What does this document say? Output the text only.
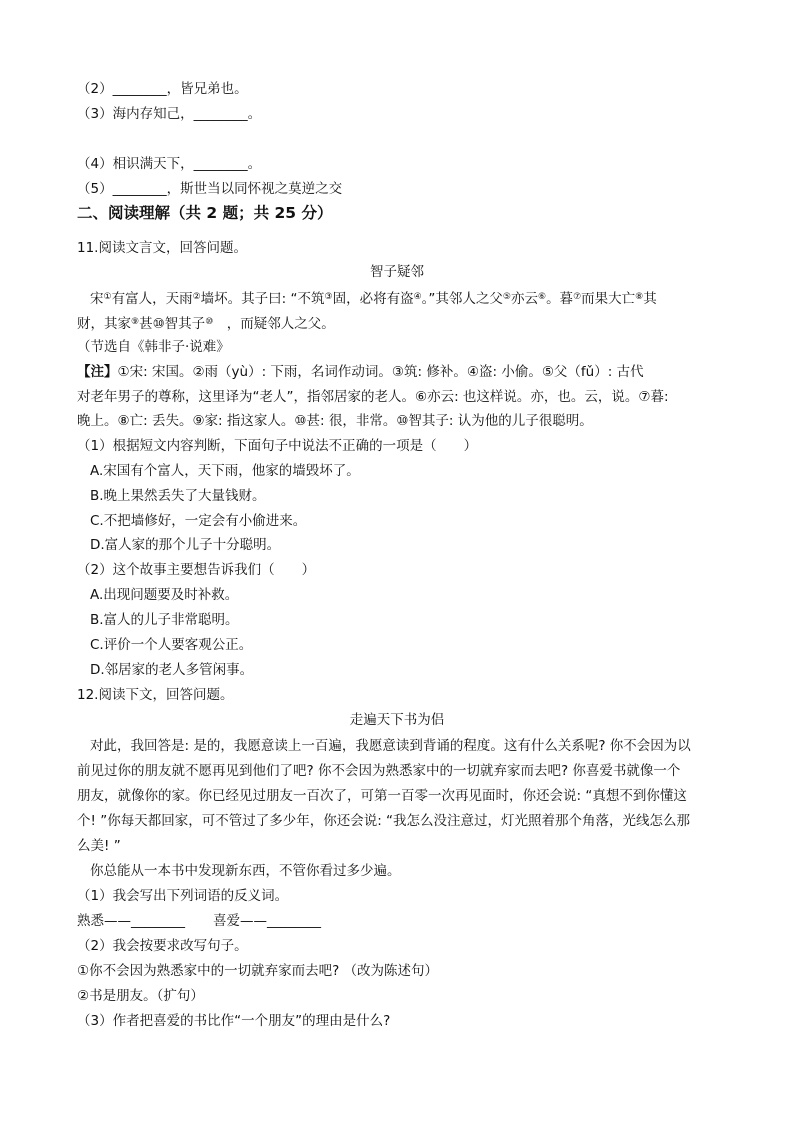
（2）________，皆兄弟也。
（3）海内存知己，________。
（4）相识满天下，________。
（5）________，斯世当以同怀视之莫逆之交
二、阅读理解（共 2 题；共 25 分）
11.阅读文言文，回答问题。
智子疑邻
宋①有富人，天雨②墙坏。其子曰: “不筑③固，必将有盗④。”其邻人之父⑤亦云⑥。暮⑦而果大亡⑧其
财，其家⑨甚⑩智其子⑩　，而疑邻人之父。
（节选自《韩非子·说难》
【注】①宋: 宋国。②雨（yù）: 下雨，名词作动词。③筑: 修补。④盗: 小偷。⑤父（fǔ）: 古代
对老年男子的尊称，这里译为“老人”，指邻居家的老人。⑥亦云: 也这样说。亦，也。云，说。⑦暮:
晚上。⑧亡: 丢失。⑨家: 指这家人。⑩甚: 很，非常。⑩智其子: 认为他的儿子很聪明。
（1）根据短文内容判断，下面句子中说法不正确的一项是（　　）
A.宋国有个富人，天下雨，他家的墙毁坏了。
B.晚上果然丢失了大量钱财。
C.不把墙修好，一定会有小偷进来。
D.富人家的那个儿子十分聪明。
（2）这个故事主要想告诉我们（　　）
A.出现问题要及时补救。
B.富人的儿子非常聪明。
C.评价一个人要客观公正。
D.邻居家的老人多管闲事。
12.阅读下文，回答问题。
走遍天下书为侣
对此，我回答是: 是的，我愿意读上一百遍，我愿意读到背诵的程度。这有什么关系呢? 你不会因为以
前见过你的朋友就不愿再见到他们了吧? 你不会因为熟悉家中的一切就弃家而去吧? 你喜爱书就像一个
朋友，就像你的家。你已经见过朋友一百次了，可第一百零一次再见面时，你还会说: “真想不到你懂这
个! ”你每天都回家，可不管过了多少年，你还会说: “我怎么没注意过，灯光照着那个角落，光线怎么那
么美! ”
你总能从一本书中发现新东西，不管你看过多少遍。
（1）我会写出下列词语的反义词。
熟悉——________ 喜爱——________
（2）我会按要求改写句子。
①你不会因为熟悉家中的一切就弃家而去吧? （改为陈述句）
②书是朋友。（扩句）
（3）作者把喜爱的书比作“一个朋友”的理由是什么?
